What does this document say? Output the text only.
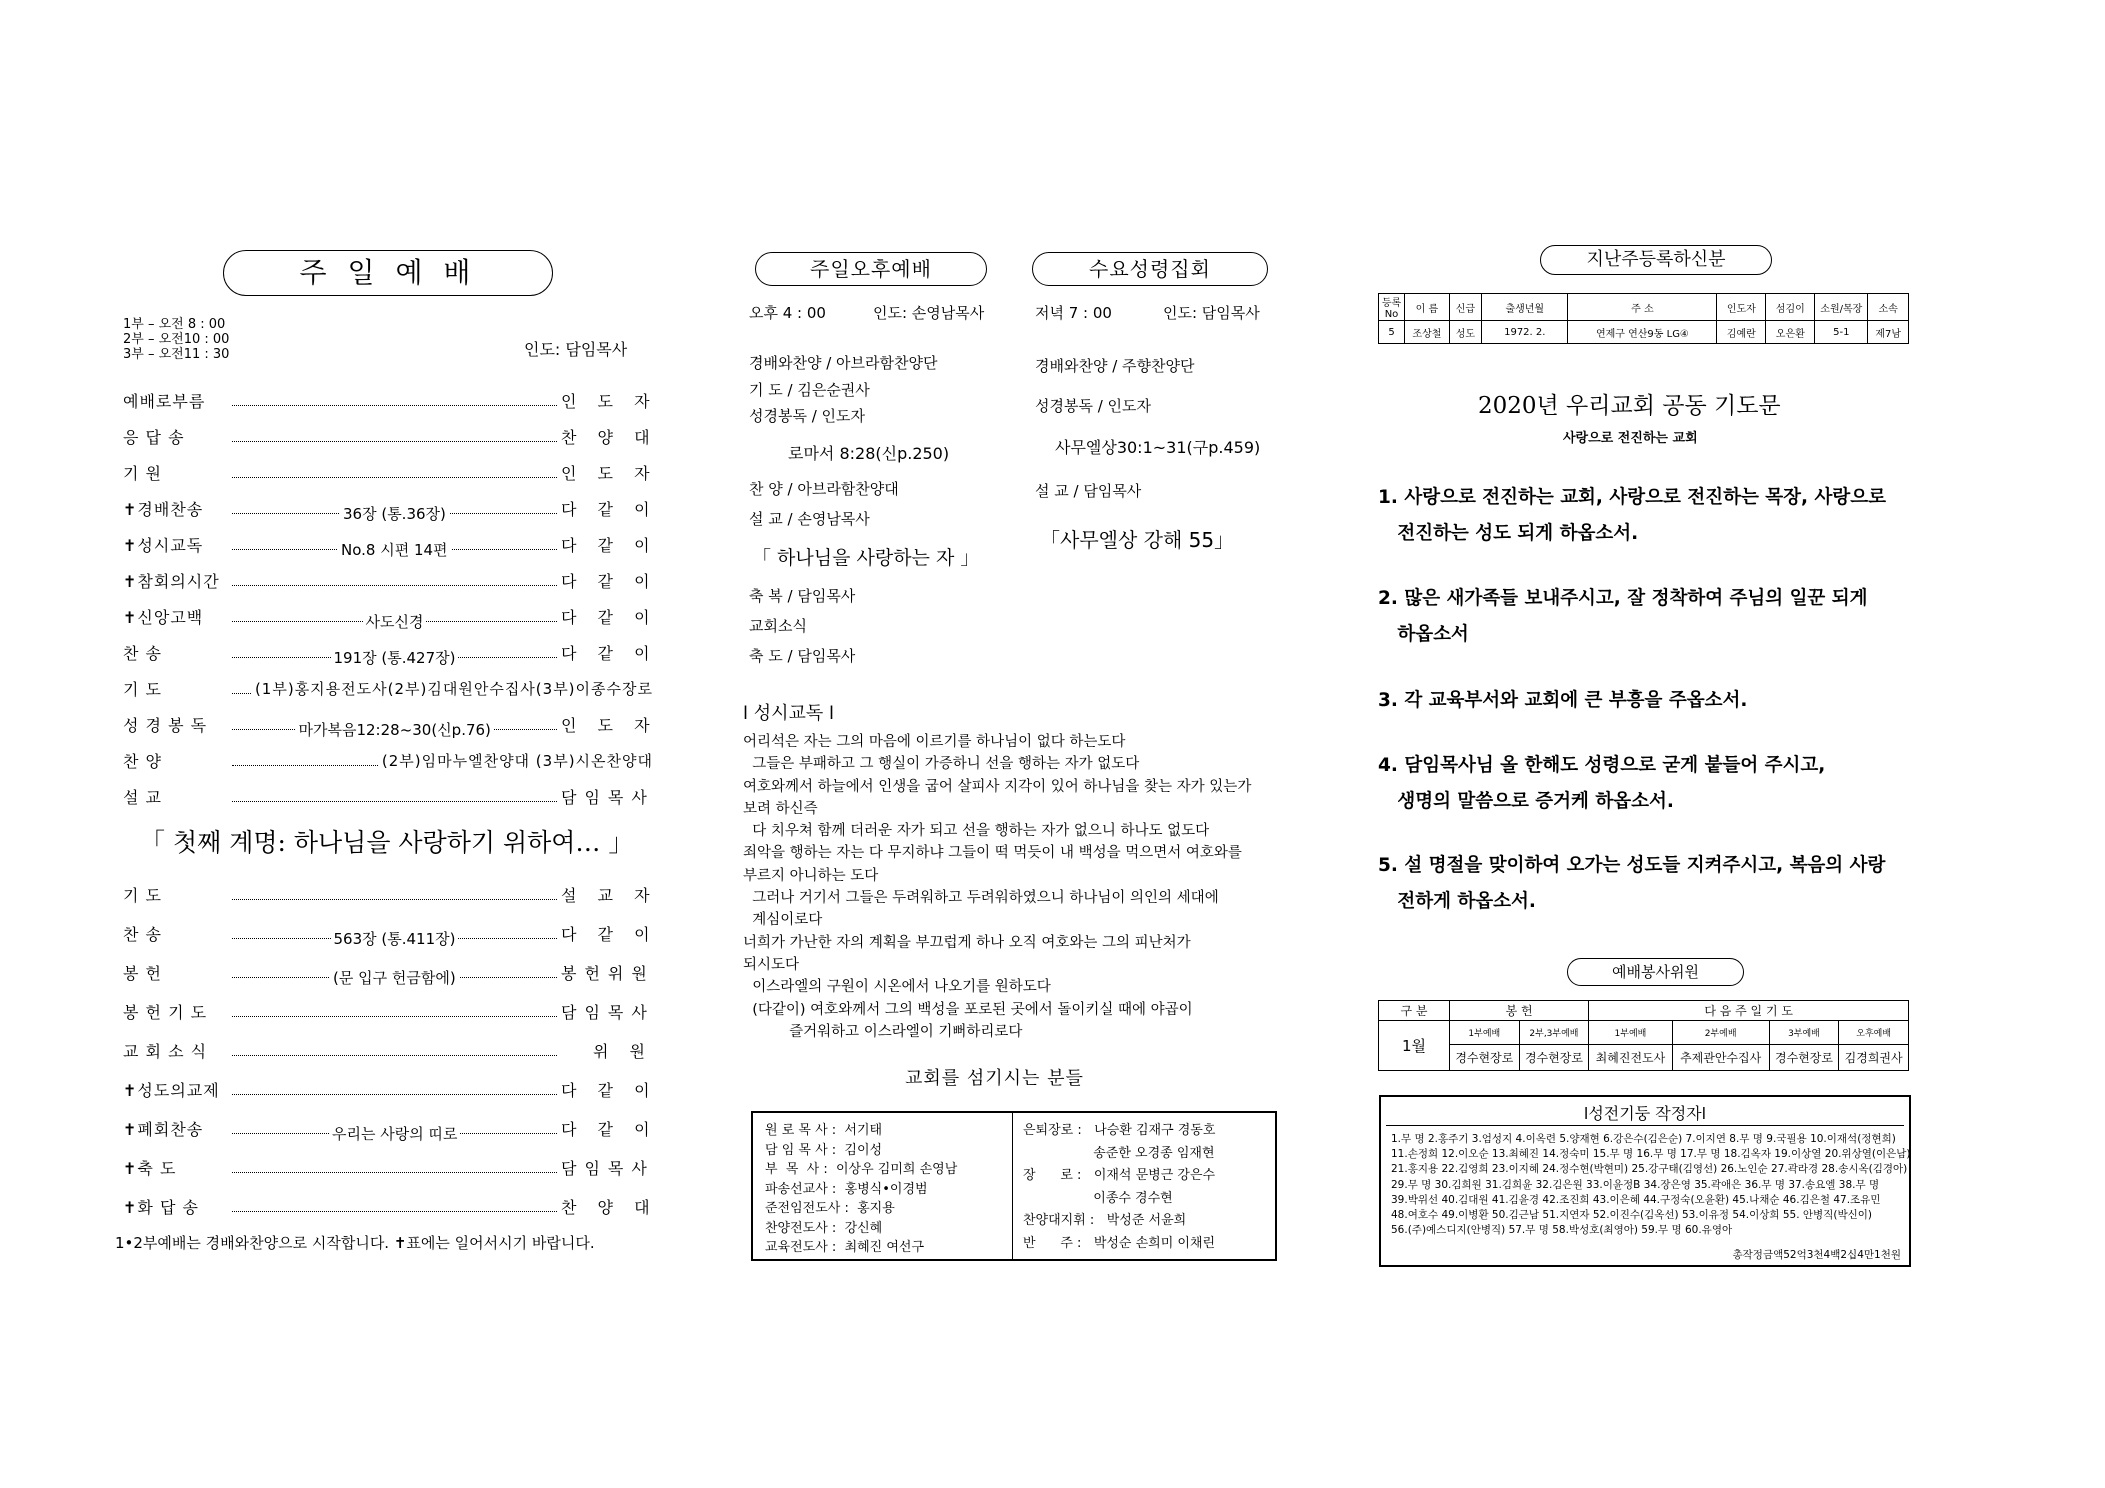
주 일 예 배
1부 – 오전 8 : 00
2부 – 오전10 : 00
3부 – 오전11 : 30	인도: 담임목사
예배로부름	인 도 자
응 답 송	찬 양 대
기 원	인 도 자
✝경배찬송	36장 (통.36장)	다 같 이
✝성시교독	No.8 시편 14편	다 같 이
✝참회의시간	다 같 이
✝신앙고백	사도신경	다 같 이
찬 송	191장 (통.427장)	다 같 이
기 도	(1부)홍지용전도사(2부)김대원안수집사(3부)이종수장로
성 경 봉 독	마가복음12:28~30(신p.76)	인 도 자
찬 양	(2부)임마누엘찬양대 (3부)시온찬양대
설 교	담임목사
「 첫째 계명: 하나님을 사랑하기 위하여… 」
기 도	설 교 자
찬 송	563장 (통.411장)	다 같 이
봉 헌	(문 입구 헌금함에)	봉헌위원
봉 헌 기 도	담임목사
교 회 소 식	위 원
✝성도의교제	다 같 이
✝폐회찬송	우리는 사랑의 띠로	다 같 이
✝축 도	담임목사
✝화 답 송	찬 양 대
1•2부예배는 경배와찬양으로 시작합니다. ✝표에는 일어서시기 바랍니다.
주일오후예배	수요성령집회
오후 4 : 00	인도: 손영남목사	저녁 7 : 00	인도: 담임목사
경배와찬양 / 아브라함찬양단
기 도 / 김은순권사
성경봉독 / 인도자
로마서 8:28(신p.250)
찬 양 / 아브라함찬양대
설 교 / 손영남목사
「 하나님을 사랑하는 자 」
축 복 / 담임목사
교회소식
축 도 / 담임목사
경배와찬양 / 주향찬양단
성경봉독 / 인도자
사무엘상30:1~31(구p.459)
설 교 / 담임목사
「사무엘상 강해 55」
l 성시교독 l
어리석은 자는 그의 마음에 이르기를 하나님이 없다 하는도다
그들은 부패하고 그 행실이 가증하니 선을 행하는 자가 없도다
여호와께서 하늘에서 인생을 굽어 살피사 지각이 있어 하나님을 찾는 자가 있는가
보려 하신즉
다 치우쳐 함께 더러운 자가 되고 선을 행하는 자가 없으니 하나도 없도다
죄악을 행하는 자는 다 무지하냐 그들이 떡 먹듯이 내 백성을 먹으면서 여호와를
부르지 아니하는 도다
그러나 거기서 그들은 두려워하고 두려워하였으니 하나님이 의인의 세대에
계심이로다
너희가 가난한 자의 계획을 부끄럽게 하나 오직 여호와는 그의 피난처가
되시도다
이스라엘의 구원이 시온에서 나오기를 원하도다
(다같이) 여호와께서 그의 백성을 포로된 곳에서 돌이키실 때에 야곱이
즐거워하고 이스라엘이 기뻐하리로다
교회를 섬기시는 분들
원 로 목 사 :  서기태
담 임 목 사 :  김이성
부  목  사 :  이상우 김미희 손영남
파송선교사 :  홍병식•이경범
준전임전도사 :  홍지용
찬양전도사 :  강신혜
교육전도사 :  최혜진 여선구
은퇴장로 :   나승환 김재구 경동호
송준한 오경종 임재현
장      로 :   이재석 문병근 강은수
이종수 경수현
찬양대지휘 :   박성준 서윤희
반      주 :   박성순 손희미 이채린
지난주등록하신분
등록No	이 름	신급	출생년월	주 소	인도자	섬김이	소원/목장	소속
5	조상철	성도	1972. 2.	연제구 연산9동 LG④	김예란	오은환	5-1	제7남
2020년 우리교회 공동 기도문
사랑으로 전진하는 교회
1. 사랑으로 전진하는 교회, 사랑으로 전진하는 목장, 사랑으로
전진하는 성도 되게 하옵소서.
2. 많은 새가족들 보내주시고, 잘 정착하여 주님의 일꾼 되게
하옵소서
3. 각 교육부서와 교회에 큰 부흥을 주옵소서.
4. 담임목사님 올 한해도 성령으로 굳게 붙들어 주시고,
생명의 말씀으로 증거케 하옵소서.
5. 설 명절을 맞이하여 오가는 성도들 지켜주시고, 복음의 사랑
전하게 하옵소서.
예배봉사위원
구 분	봉 헌		다 음 주 일 기 도			
1월	1부예배	2부,3부예배	1부예배	2부예배	3부예배	오후예배
	경수현장로	경수현장로	최혜진전도사	추제관안수집사	경수현장로	김경희권사
l성전기둥 작정자l
1.무 명 2.홍주기 3.엄성지 4.이옥련 5.양재현 6.강은수(김은순) 7.이지연 8.무 명 9.국필용 10.이재석(정현희)
11.손정희 12.이오순 13.최혜진 14.정숙미 15.무 명 16.무 명 17.무 명 18.김옥자 19.이상열 20.위상열(이은남)
21.홍지용 22.김영희 23.이지혜 24.정수현(박현미) 25.강구태(김영선) 26.노인순 27.곽라경 28.송시옥(김경아)
29.무 명 30.김희원 31.김희윤 32.김은원 33.이윤정B 34.장은영 35.곽애은 36.무 명 37.송요엘 38.무 명
39.박위선 40.김대원 41.김윤경 42.조진희 43.이은혜 44.구정숙(오윤환) 45.나채순 46.김은철 47.조유민
48.여호수 49.이병환 50.김근남 51.지연자 52.이진수(김옥선) 53.이유정 54.이상희 55. 안병직(박신이)
56.(주)예스디지(안병직) 57.무 명 58.박성호(최영아) 59.무 명 60.유영아
총작정금액52억3천4백2십4만1천원
